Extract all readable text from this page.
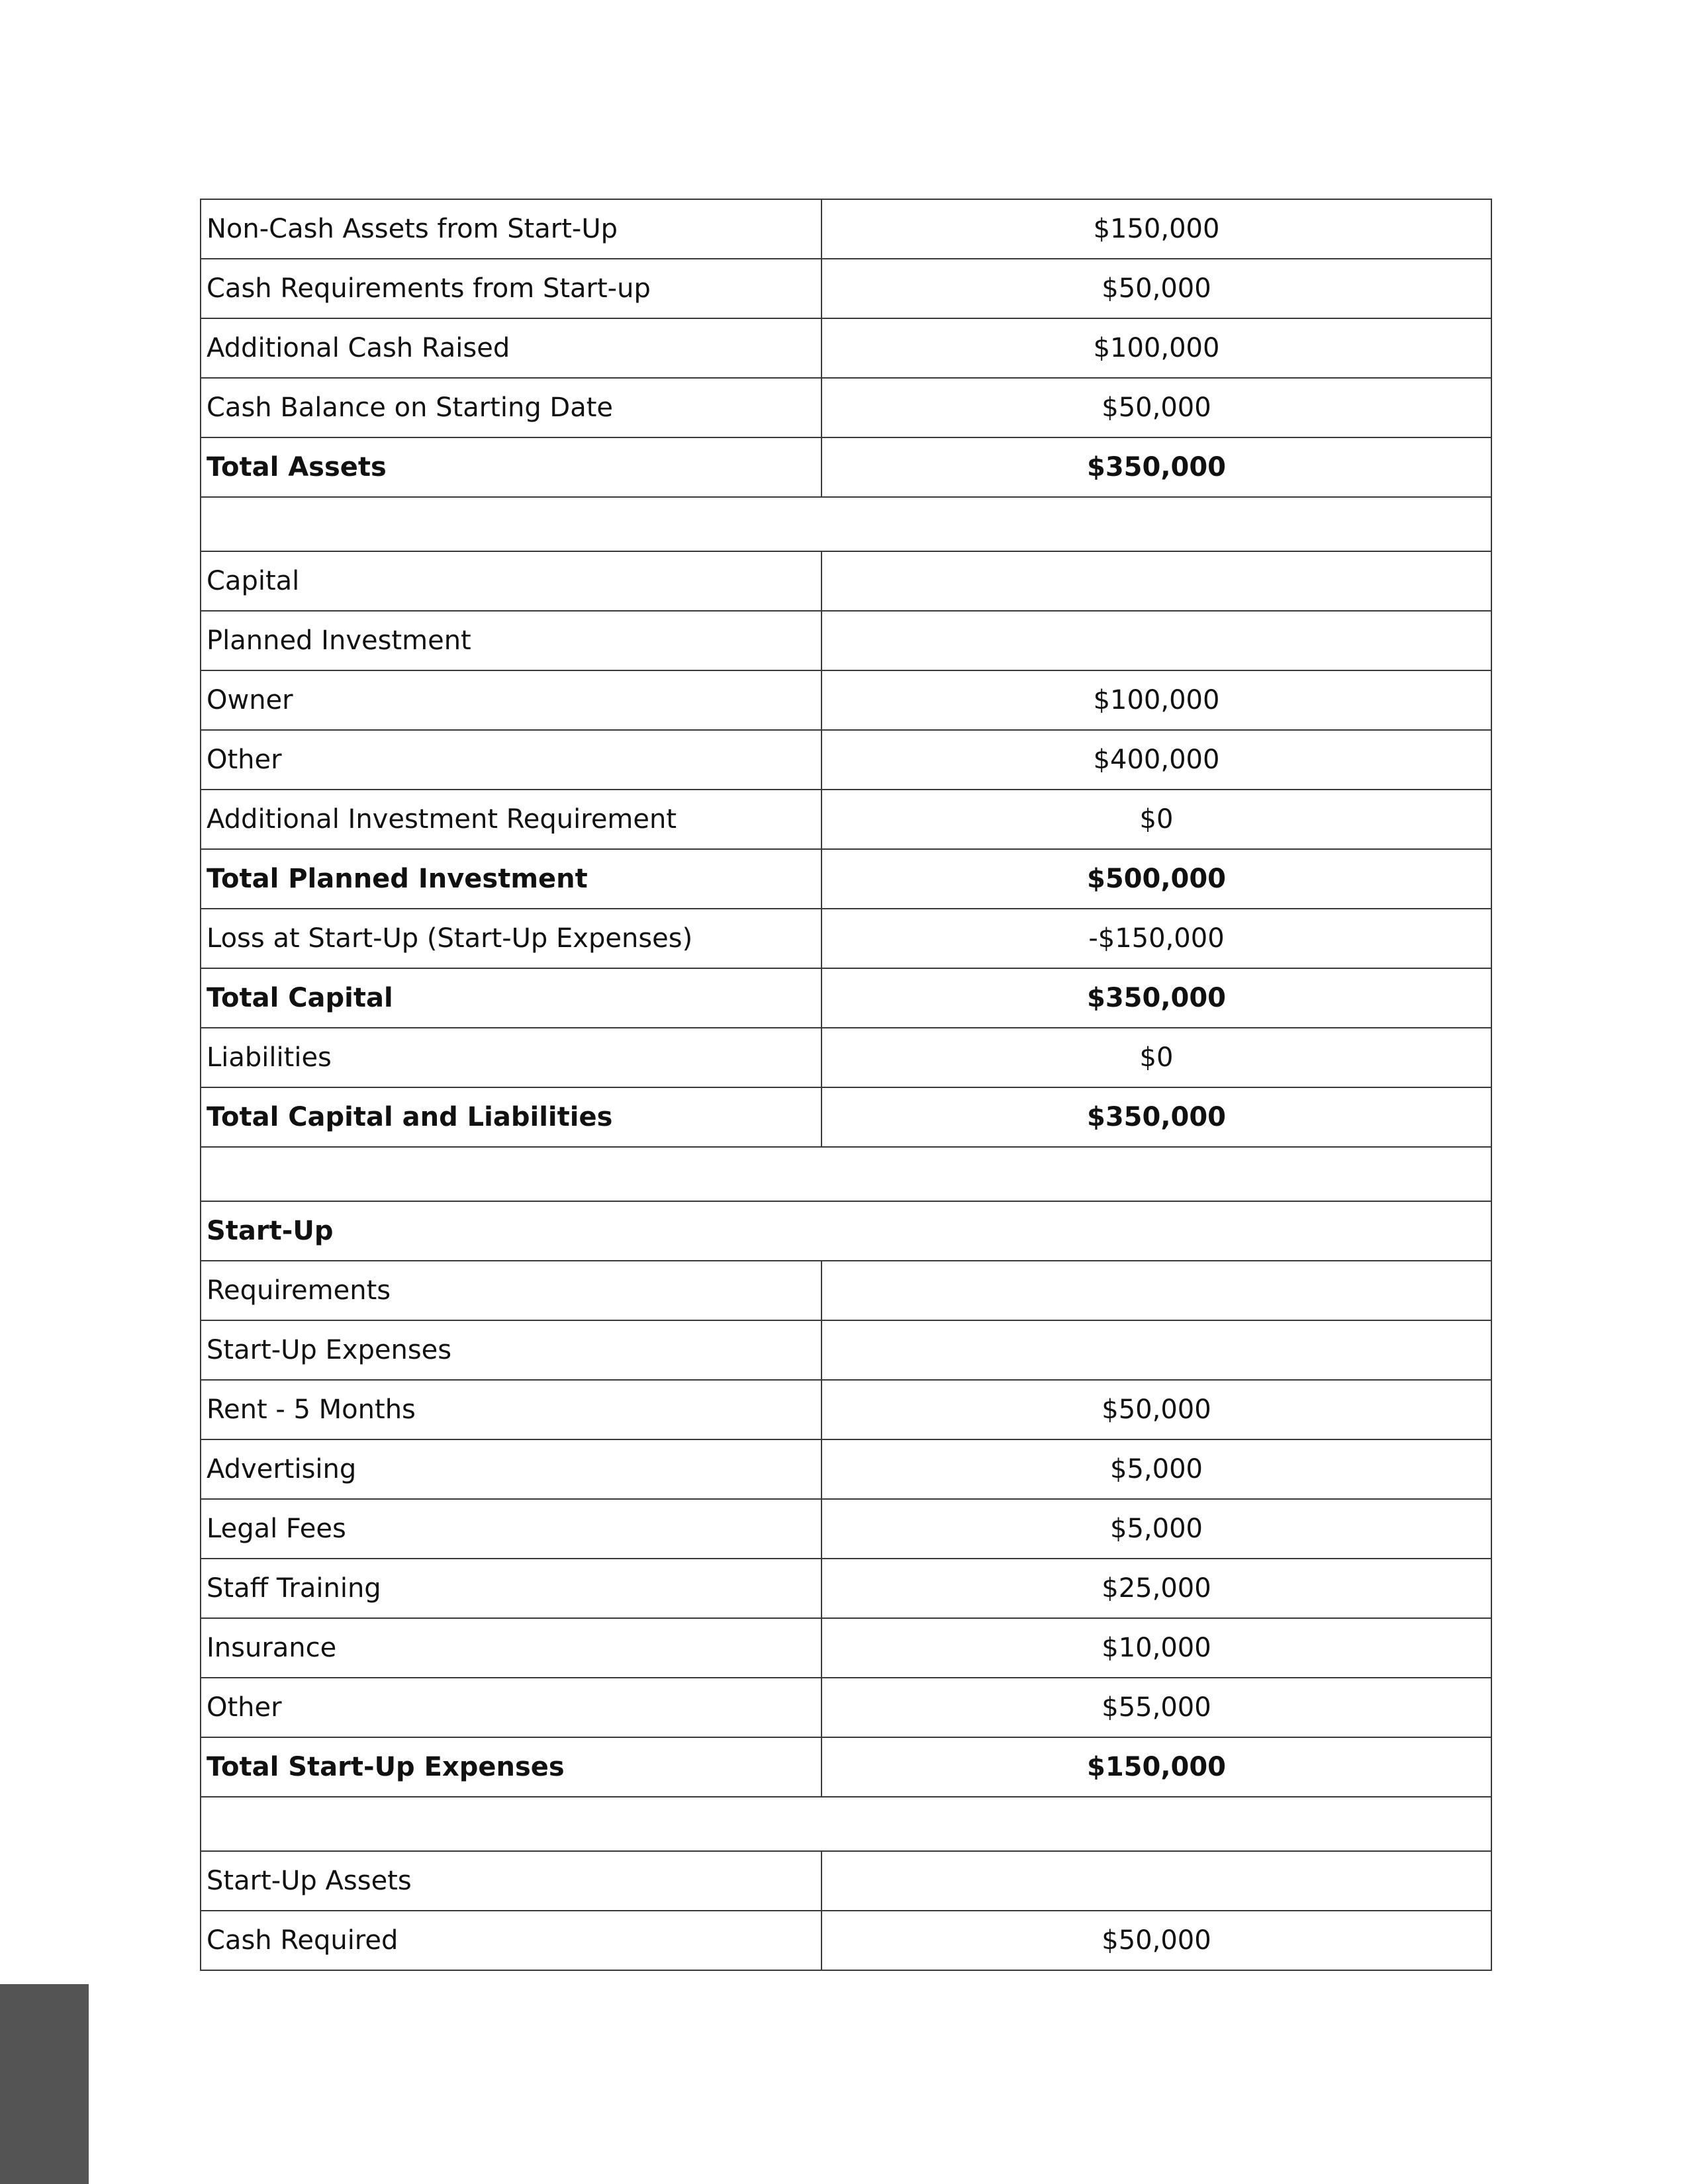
Non-Cash Assets from Start-Up	$150,000
Cash Requirements from Start-up	$50,000
Additional Cash Raised	$100,000
Cash Balance on Starting Date	$50,000
Total Assets	$350,000

Capital	
Planned Investment	
Owner	$100,000
Other	$400,000
Additional Investment Requirement	$0
Total Planned Investment	$500,000
Loss at Start-Up (Start-Up Expenses)	-$150,000
Total Capital	$350,000
Liabilities	$0
Total Capital and Liabilities	$350,000

Start-Up	
Requirements	
Start-Up Expenses	
Rent - 5 Months	$50,000
Advertising	$5,000
Legal Fees	$5,000
Staff Training	$25,000
Insurance	$10,000
Other	$55,000
Total Start-Up Expenses	$150,000

Start-Up Assets	
Cash Required	$50,000
